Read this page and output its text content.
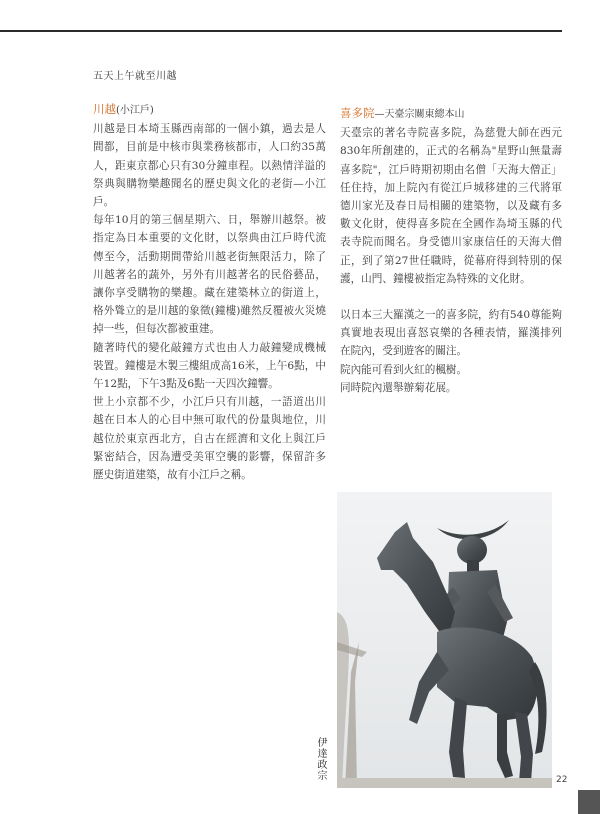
五天上午就至川越

川越(小江戶)

川越是日本埼玉縣西南部的一個小鎮，過去是人間都，目前是中核市與業務核都市，人口約35萬人，距東京都心只有30分鐘車程。以熱情洋溢的祭典與購物樂趣聞名的歷史與文化的老街—小江戶。

每年10月的第三個星期六、日，舉辦川越祭。被指定為日本重要的文化財，以祭典由江戶時代流傳至今，活動期間帶給川越老街無限活力，除了川越著名的蔬外，另外有川越著名的民俗藝品，讓你享受購物的樂趣。藏在建築林立的街道上，格外聳立的是川越的象徵(鐘樓)雖然反覆被火災燒掉一些，但每次都被重建。

隨著時代的變化敲鐘方式也由人力敲鐘變成機械裝置。鐘樓是木製三樓組成高16米，上午6點，中午12點，下午3點及6點一天四次鐘響。

世上小京都不少，小江戶只有川越，一語道出川越在日本人的心目中無可取代的份量與地位，川越位於東京西北方，自古在經濟和文化上與江戶緊密結合，因為遭受美軍空襲的影響，保留許多歷史街道建築，故有小江戶之稱。

喜多院—天臺宗關東總本山

天臺宗的著名寺院喜多院，為慈覺大師在西元830年所創建的，正式的名稱為"星野山無量壽喜多院"，江戶時期初期由名僧「天海大僧正」任住持，加上院內有從江戶城移建的三代將軍德川家光及春日局相關的建築物，以及藏有多數文化財，使得喜多院在全國作為埼玉縣的代表寺院而聞名。身受德川家康信任的天海大僧正，到了第27世任職時，從幕府得到特別的保護，山門、鐘樓被指定為特殊的文化財。

以日本三大羅漢之一的喜多院，約有540尊能夠真實地表現出喜怒哀樂的各種表情，羅漢排列在院內，受到遊客的關注。

院內能可看到火紅的楓樹。

同時院內還舉辦菊花展。

伊達政宗	22
